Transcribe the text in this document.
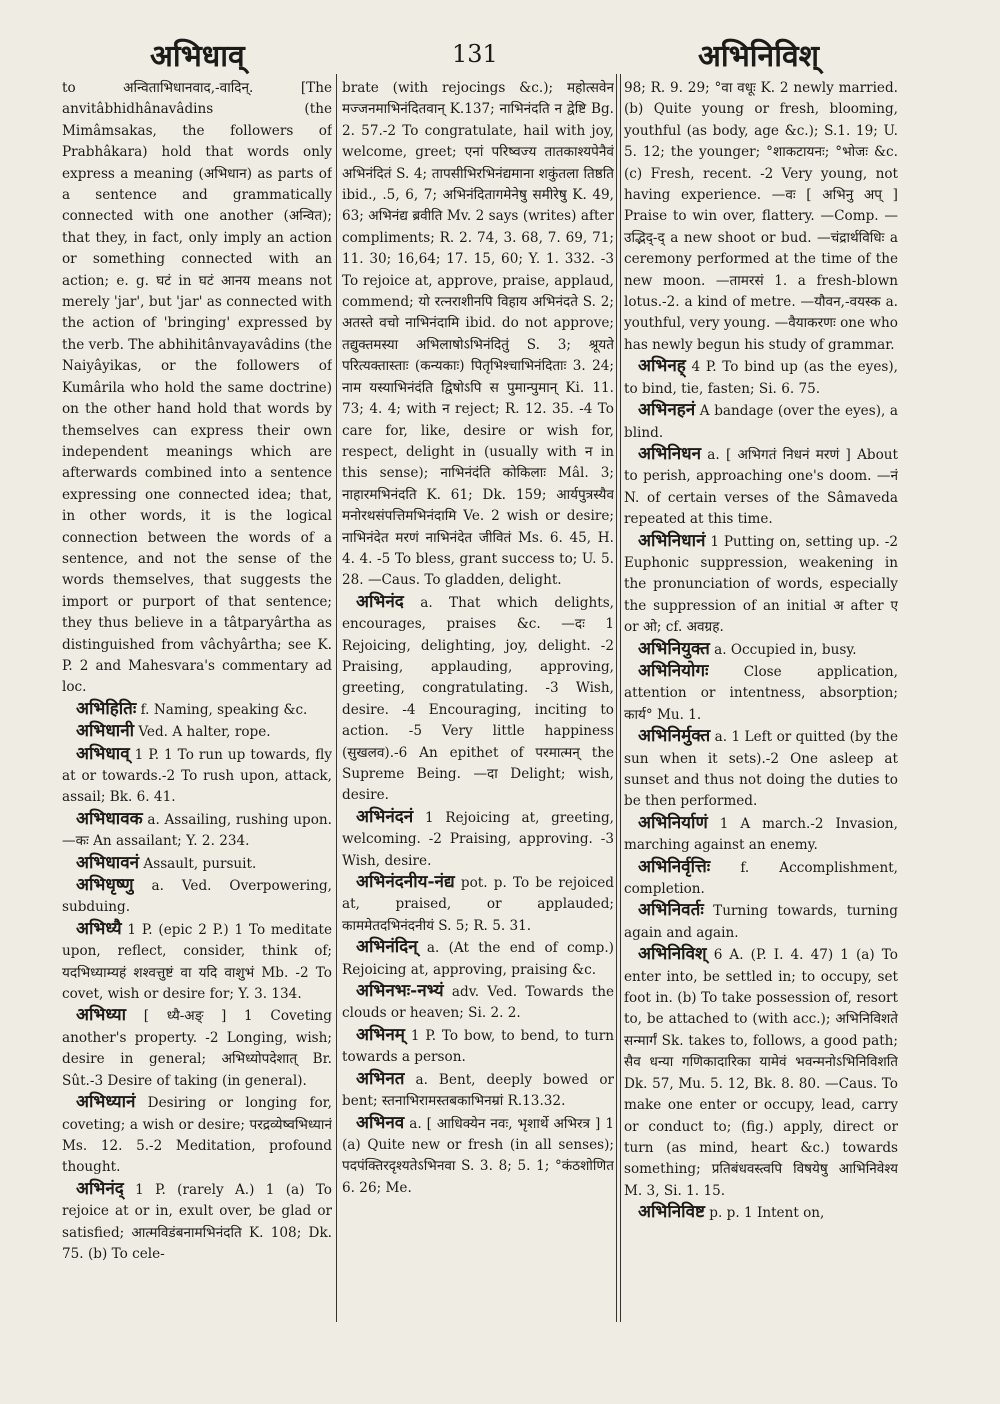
अभिधाव्	131	अभिनिविश्

to अन्विताभिधानवाद,-वादिन्. [The anvitâbhidhânavâdins (the Mimâmsakas, the followers of Prabhâkara) hold that words only express a meaning (अभिधान) as parts of a sentence and grammatically connected with one another (अन्वित); that they, in fact, only imply an action or something connected with an action; e. g. घटं in घटं आनय means not merely 'jar', but 'jar' as connected with the action of 'bringing' expressed by the verb. The abhihitânvayavâdins (the Naiyâyikas, or the followers of Kumârila who hold the same doctrine) on the other hand hold that words by themselves can express their own independent meanings which are afterwards combined into a sentence expressing one connected idea; that, in other words, it is the logical connection between the words of a sentence, and not the sense of the words themselves, that suggests the import or purport of that sentence; they thus believe in a tâtparyârtha as distinguished from vâchyârtha; see K. P. 2 and Mahesvara's commentary ad loc.

अभिहितिः f. Naming, speaking &c.

अभिधानी Ved. A halter, rope.

अभिधाव् 1 P. 1 To run up towards, fly at or towards.-2 To rush upon, attack, assail; Bk. 6. 41.

अभिधावक a. Assailing, rushing upon. —कः An assailant; Y. 2. 234.

अभिधावनं Assault, pursuit.

अभिधृष्णु a. Ved. Overpowering, subduing.

अभिध्यै 1 P. (epic 2 P.) 1 To meditate upon, reflect, consider, think of; यदभिध्याम्यहं शश्वत्तुष्टं वा यदि वाशुभं Mb. -2 To covet, wish or desire for; Y. 3. 134.

अभिध्या [ ध्यै-अङ् ] 1 Coveting another's property. -2 Longing, wish; desire in general; अभिध्योपदेशात् Br. Sût.-3 Desire of taking (in general).

अभिध्यानं Desiring or longing for, coveting; a wish or desire; परद्रव्येष्वभिध्यानं Ms. 12. 5.-2 Meditation, profound thought.

अभिनंद् 1 P. (rarely A.) 1 (a) To rejoice at or in, exult over, be glad or satisfied; आत्मविडंबनामभिनंदति K. 108; Dk. 75. (b) To cele-

brate (with rejocings &c.); महोत्सवेन मज्जनमाभिनंदितवान् K.137; नाभिनंदति न द्वेष्टि Bg. 2. 57.-2 To congratulate, hail with joy, welcome, greet; एनां परिष्वज्य तातकाश्यपेनैवं अभिनंदितं S. 4; तापसीभिरभिनंद्यमाना शकुंतला तिष्ठति ibid., .5, 6, 7; अभिनंदितागमेनेषु समीरेषु K. 49, 63; अभिनंद्य ब्रवीति Mv. 2 says (writes) after compliments; R. 2. 74, 3. 68, 7. 69, 71; 11. 30; 16,64; 17. 15, 60; Y. 1. 332. -3 To rejoice at, approve, praise, applaud, commend; यो रत्नराशीनपि विहाय अभिनंदते S. 2; अतस्ते वचो नाभिनंदामि ibid. do not approve; तद्युक्तमस्या अभिलाषोऽभिनंदितुं S. 3; श्रूयते परित्यक्तास्ताः (कन्यकाः) पितृभिश्चाभिनंदिताः 3. 24; नाम यस्याभिनंदंति द्विषोऽपि स पुमान्पुमान् Ki. 11. 73; 4. 4; with न reject; R. 12. 35. -4 To care for, like, desire or wish for, respect, delight in (usually with न in this sense); नाभिनंदंति कोकिलाः Mâl. 3; नाहारमभिनंदति K. 61; Dk. 159; आर्यपुत्रस्यैव मनोरथसंपत्तिमभिनंदामि Ve. 2 wish or desire; नाभिनंदेत मरणं नाभिनंदेत जीवितं Ms. 6. 45, H. 4. 4. -5 To bless, grant success to; U. 5. 28. —Caus. To gladden, delight.

अभिनंद a. That which delights, encourages, praises &c. —दः 1 Rejoicing, delighting, joy, delight. -2 Praising, applauding, approving, greeting, congratulating. -3 Wish, desire. -4 Encouraging, inciting to action. -5 Very little happiness (सुखलव).-6 An epithet of परमात्मन् the Supreme Being. —दा Delight; wish, desire.

अभिनंदनं 1 Rejoicing at, greeting, welcoming. -2 Praising, approving. -3 Wish, desire.

अभिनंदनीय-नंद्य pot. p. To be rejoiced at, praised, or applauded; काममेतदभिनंदनीयं S. 5; R. 5. 31.

अभिनंदिन् a. (At the end of comp.) Rejoicing at, approving, praising &c.

अभिनभः-नभ्यं adv. Ved. Towards the clouds or heaven; Si. 2. 2.

अभिनम् 1 P. To bow, to bend, to turn towards a person.

अभिनत a. Bent, deeply bowed or bent; स्तनाभिरामस्तबकाभिनम्रां R.13.32.

अभिनव a. [ आधिक्येन नवः, भृशार्थे अभिरत्र ] 1 (a) Quite new or fresh (in all senses); पदपंक्तिरदृश्यतेऽभिनवा S. 3. 8; 5. 1; °कंठशोणित 6. 26; Me.

98; R. 9. 29; °वा वधूः K. 2 newly married. (b) Quite young or fresh, blooming, youthful (as body, age &c.); S.1. 19; U. 5. 12; the younger; °शाकटायनः; °भोजः &c. (c) Fresh, recent. -2 Very young, not having experience. —वः [ अभिनु अप् ] Praise to win over, flattery. —Comp. —उद्भिद्-द् a new shoot or bud. —चंद्रार्थविधिः a ceremony performed at the time of the new moon. —तामरसं 1. a fresh-blown lotus.-2. a kind of metre. —यौवन,-वयस्क a. youthful, very young. —वैयाकरणः one who has newly begun his study of grammar.

अभिनह् 4 P. To bind up (as the eyes), to bind, tie, fasten; Si. 6. 75.

अभिनहनं A bandage (over the eyes), a blind.

अभिनिधन a. [ अभिगतं निधनं मरणं ] About to perish, approaching one's doom. —नं N. of certain verses of the Sâmaveda repeated at this time.

अभिनिधानं 1 Putting on, setting up. -2 Euphonic suppression, weakening in the pronunciation of words, especially the suppression of an initial अ after ए or ओ; cf. अवग्रह.

अभिनियुक्त a. Occupied in, busy.

अभिनियोगः Close application, attention or intentness, absorption; कार्य° Mu. 1.

अभिनिर्मुक्त a. 1 Left or quitted (by the sun when it sets).-2 One asleep at sunset and thus not doing the duties to be then performed.

अभिनिर्याणं 1 A march.-2 Invasion, marching against an enemy.

अभिनिर्वृत्तिः f. Accomplishment, completion.

अभिनिवर्तः Turning towards, turning again and again.

अभिनिविश् 6 A. (P. I. 4. 47) 1 (a) To enter into, be settled in; to occupy, set foot in. (b) To take possession of, resort to, be attached to (with acc.); अभिनिविशते सन्मार्गं Sk. takes to, follows, a good path; सैव धन्या गणिकादारिका यामेवं भवन्मनोऽभिनिविशति Dk. 57, Mu. 5. 12, Bk. 8. 80. —Caus. To make one enter or occupy, lead, carry or conduct to; (fig.) apply, direct or turn (as mind, heart &c.) towards something; प्रतिबंधवस्त्वपि विषयेषु आभिनिवेश्य M. 3, Si. 1. 15.

अभिनिविष्ट p. p. 1 Intent on,
